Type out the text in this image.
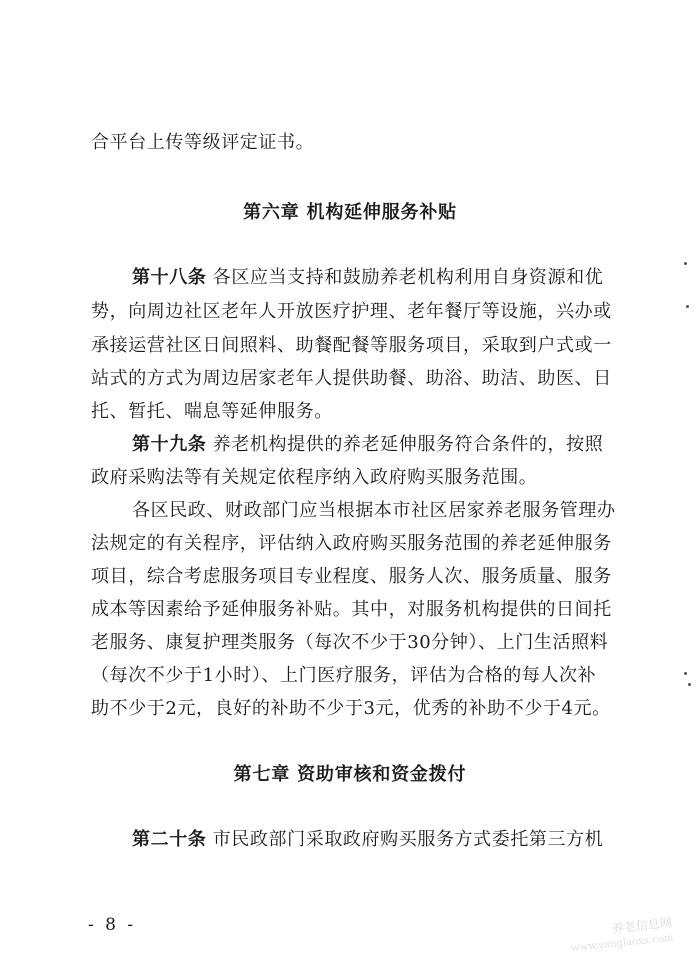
合平台上传等级评定证书。
第六章 机构延伸服务补贴
第十八条 各区应当支持和鼓励养老机构利用自身资源和优
势，向周边社区老年人开放医疗护理、老年餐厅等设施，兴办或
承接运营社区日间照料、助餐配餐等服务项目，采取到户式或一
站式的方式为周边居家老年人提供助餐、助浴、助洁、助医、日
托、暂托、喘息等延伸服务。
第十九条 养老机构提供的养老延伸服务符合条件的，按照
政府采购法等有关规定依程序纳入政府购买服务范围。
各区民政、财政部门应当根据本市社区居家养老服务管理办
法规定的有关程序，评估纳入政府购买服务范围的养老延伸服务
项目，综合考虑服务项目专业程度、服务人次、服务质量、服务
成本等因素给予延伸服务补贴。其中，对服务机构提供的日间托
老服务、康复护理类服务（每次不少于30分钟）、上门生活照料
（每次不少于1小时）、上门医疗服务，评估为合格的每人次补
助不少于2元，良好的补助不少于3元，优秀的补助不少于4元。
第七章 资助审核和资金拨付
第二十条 市民政部门采取政府购买服务方式委托第三方机
- 8 -	养老信息网
www.yanglaoxx.com
